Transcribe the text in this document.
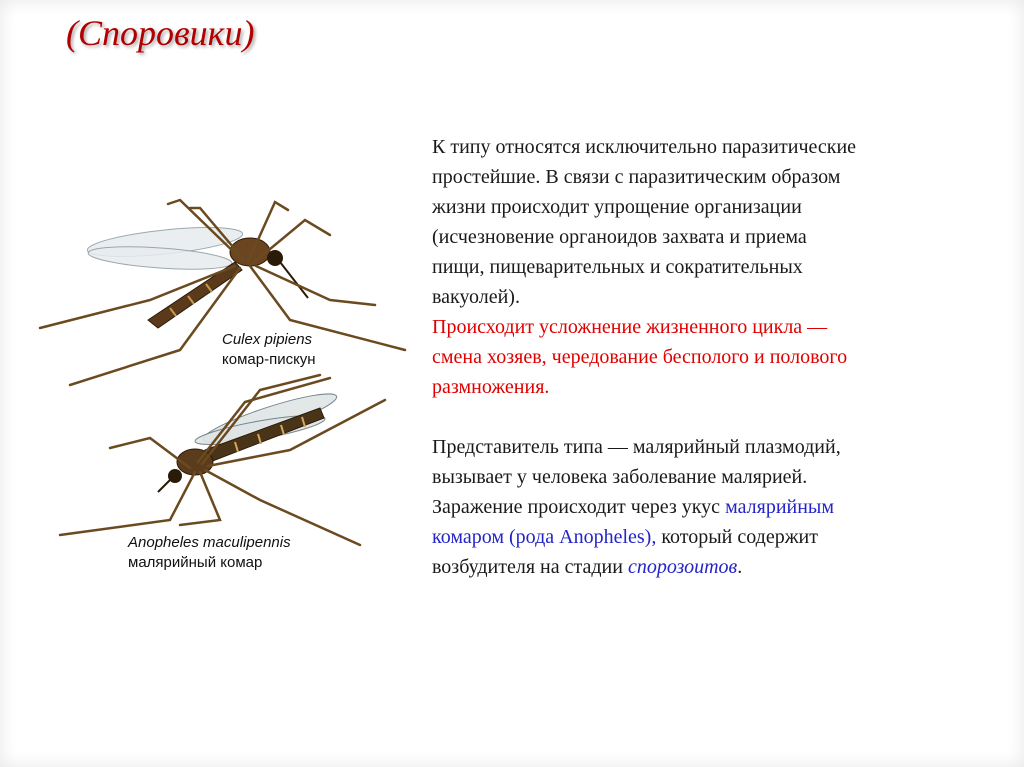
(Споровики)
Culex pipiens
комар-пискун
Anopheles maculipennis
малярийный комар

К типу относятся исключительно паразитические
простейшие. В связи с паразитическим образом
жизни происходит упрощение организации
(исчезновение органоидов захвата и приема
пищи, пищеварительных и сократительных
вакуолей).

Происходит усложнение жизненного цикла —
смена хозяев, чередование бесполого и полового
размножения.

Представитель типа — малярийный плазмодий,
вызывает у человека заболевание малярией.
Заражение происходит через укус малярийным
комаром (рода Anopheles), который содержит
возбудителя на стадии спорозоитов.
